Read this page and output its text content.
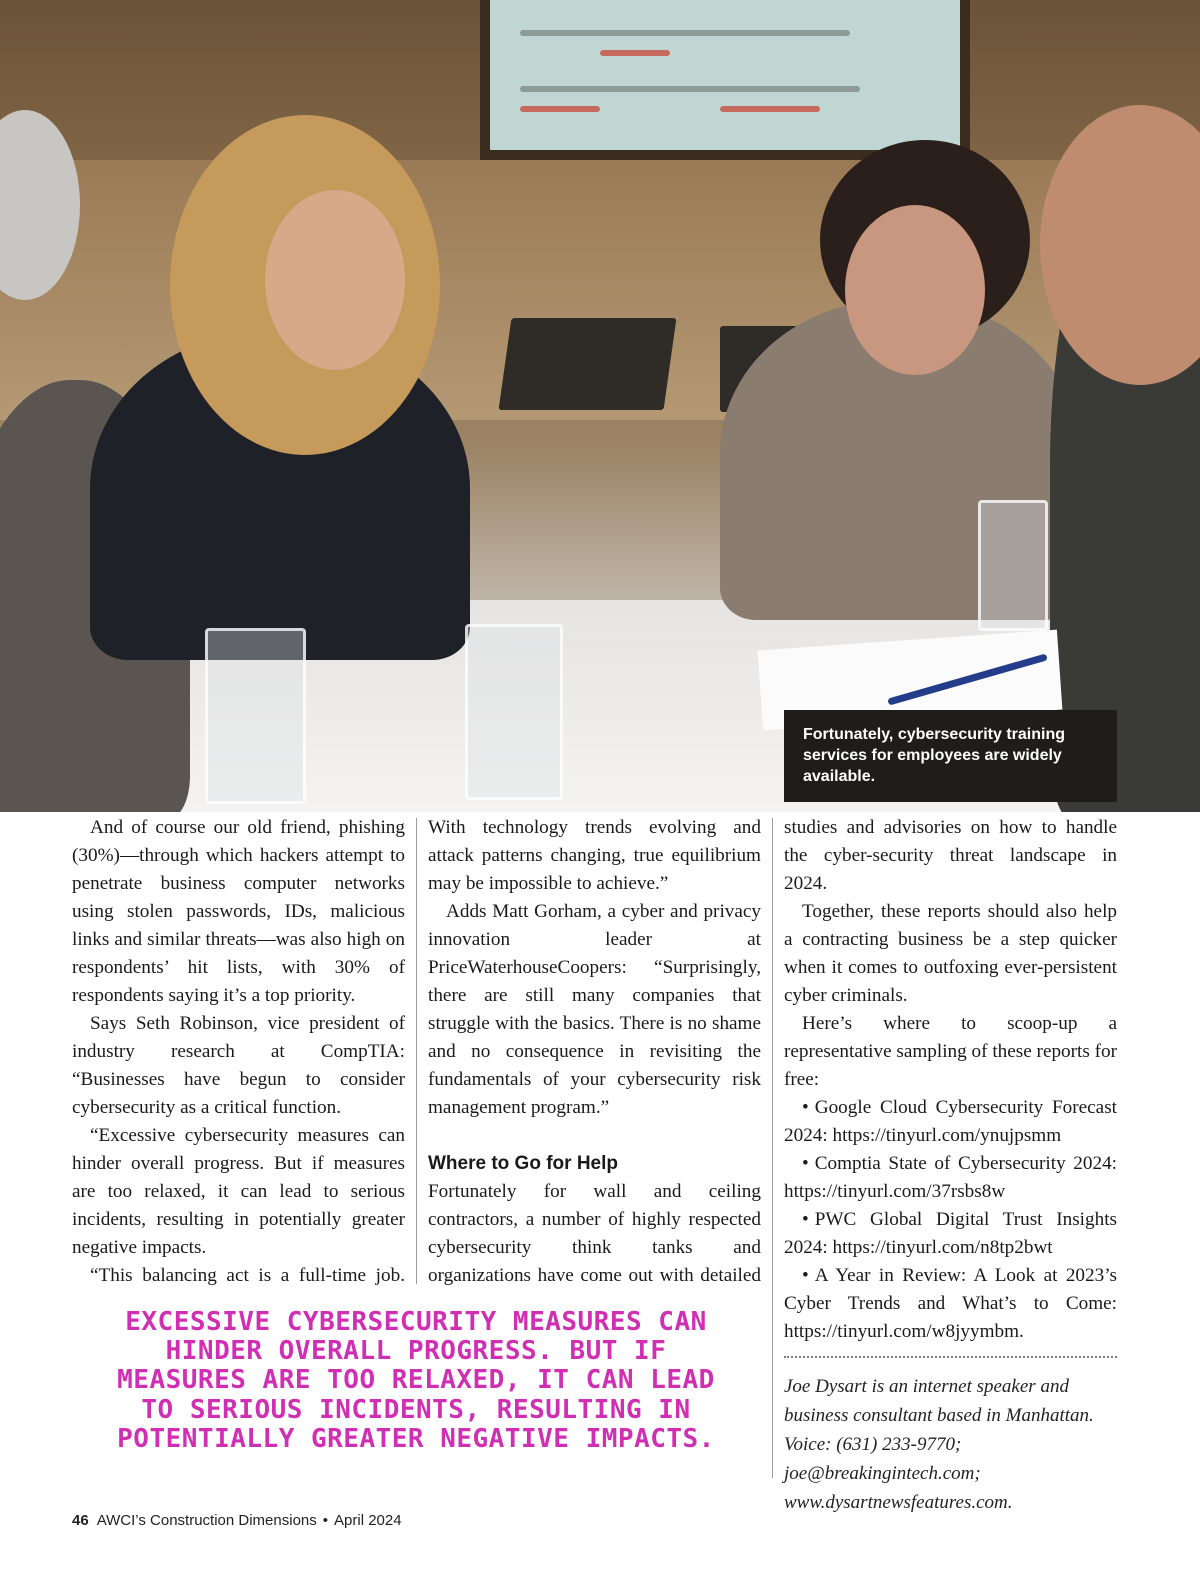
Fortunately, cybersecurity training services for employees are widely available.

And of course our old friend, phishing (30%)—through which hackers attempt to penetrate business computer networks using stolen passwords, IDs, malicious links and similar threats—was also high on respondents’ hit lists, with 30% of respondents saying it’s a top priority.

Says Seth Robinson, vice president of industry research at CompTIA: “Businesses have begun to consider cybersecurity as a critical function.

“Excessive cybersecurity measures can hinder overall progress. But if measures are too relaxed, it can lead to serious incidents, resulting in potentially greater negative impacts.

“This balancing act is a full-time job.

With technology trends evolving and attack patterns changing, true equilibrium may be impossible to achieve.”

Adds Matt Gorham, a cyber and privacy innovation leader at PriceWaterhouseCoopers: “Surprisingly, there are still many companies that struggle with the basics. There is no shame and no consequence in revisiting the fundamentals of your cybersecurity risk management program.”

Where to Go for Help

Fortunately for wall and ceiling contractors, a number of highly respected cybersecurity think tanks and organizations have come out with detailed

studies and advisories on how to handle the cyber-security threat landscape in 2024.

Together, these reports should also help a contracting business be a step quicker when it comes to outfoxing ever-persistent cyber criminals.

Here’s where to scoop-up a representative sampling of these reports for free:

• Google Cloud Cybersecurity Forecast 2024: https://tinyurl.com/ynujpsmm
• Comptia State of Cybersecurity 2024: https://tinyurl.com/37rsbs8w
• PWC Global Digital Trust Insights 2024: https://tinyurl.com/n8tp2bwt
• A Year in Review: A Look at 2023’s Cyber Trends and What’s to Come: https://tinyurl.com/w8jyymbm.
Joe Dysart is an internet speaker and business consultant based in Manhattan. Voice: (631) 233-9770; joe@breakingintech.com; www.dysartnewsfeatures.com.
EXCESSIVE CYBERSECURITY MEASURES CAN HINDER OVERALL PROGRESS. BUT IF MEASURES ARE TOO RELAXED, IT CAN LEAD TO SERIOUS INCIDENTS, RESULTING IN POTENTIALLY GREATER NEGATIVE IMPACTS.
46 AWCI’s Construction Dimensions • April 2024
